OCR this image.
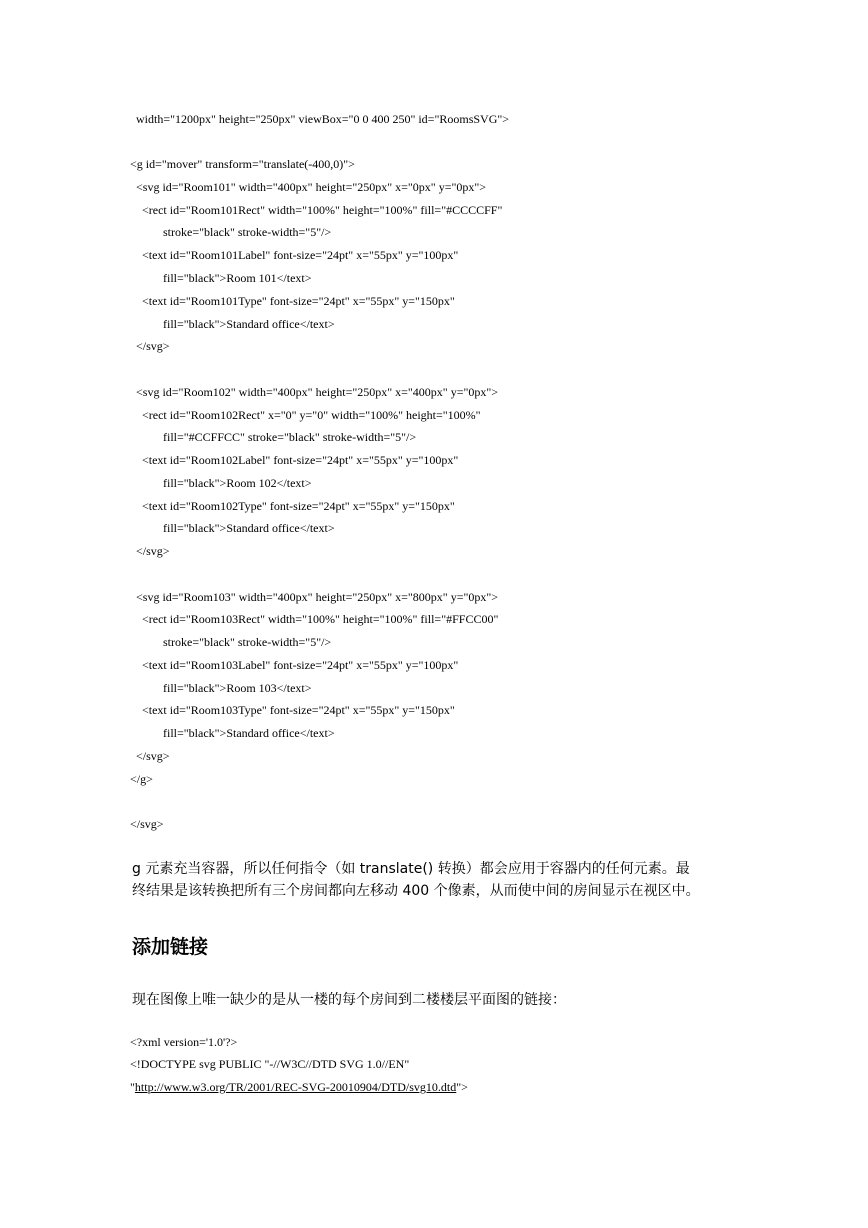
width="1200px" height="250px" viewBox="0 0 400 250" id="RoomsSVG">
<g id="mover" transform="translate(-400,0)">
<svg id="Room101" width="400px" height="250px" x="0px" y="0px">
<rect id="Room101Rect" width="100%" height="100%" fill="#CCCCFF"
stroke="black" stroke-width="5"/>
<text id="Room101Label" font-size="24pt" x="55px" y="100px"
fill="black">Room 101</text>
<text id="Room101Type" font-size="24pt" x="55px" y="150px"
fill="black">Standard office</text>
</svg>
<svg id="Room102" width="400px" height="250px" x="400px" y="0px">
<rect id="Room102Rect" x="0" y="0" width="100%" height="100%"
fill="#CCFFCC" stroke="black" stroke-width="5"/>
<text id="Room102Label" font-size="24pt" x="55px" y="100px"
fill="black">Room 102</text>
<text id="Room102Type" font-size="24pt" x="55px" y="150px"
fill="black">Standard office</text>
</svg>
<svg id="Room103" width="400px" height="250px" x="800px" y="0px">
<rect id="Room103Rect" width="100%" height="100%" fill="#FFCC00"
stroke="black" stroke-width="5"/>
<text id="Room103Label" font-size="24pt" x="55px" y="100px"
fill="black">Room 103</text>
<text id="Room103Type" font-size="24pt" x="55px" y="150px"
fill="black">Standard office</text>
</svg>
</g>
</svg>
g 元素充当容器，所以任何指令（如 translate() 转换）都会应用于容器内的任何元素。最
终结果是该转换把所有三个房间都向左移动 400 个像素，从而使中间的房间显示在视区中。
添加链接
现在图像上唯一缺少的是从一楼的每个房间到二楼楼层平面图的链接：
<?xml version='1.0'?>
<!DOCTYPE svg PUBLIC "-//W3C//DTD SVG 1.0//EN"
"http://www.w3.org/TR/2001/REC-SVG-20010904/DTD/svg10.dtd">
